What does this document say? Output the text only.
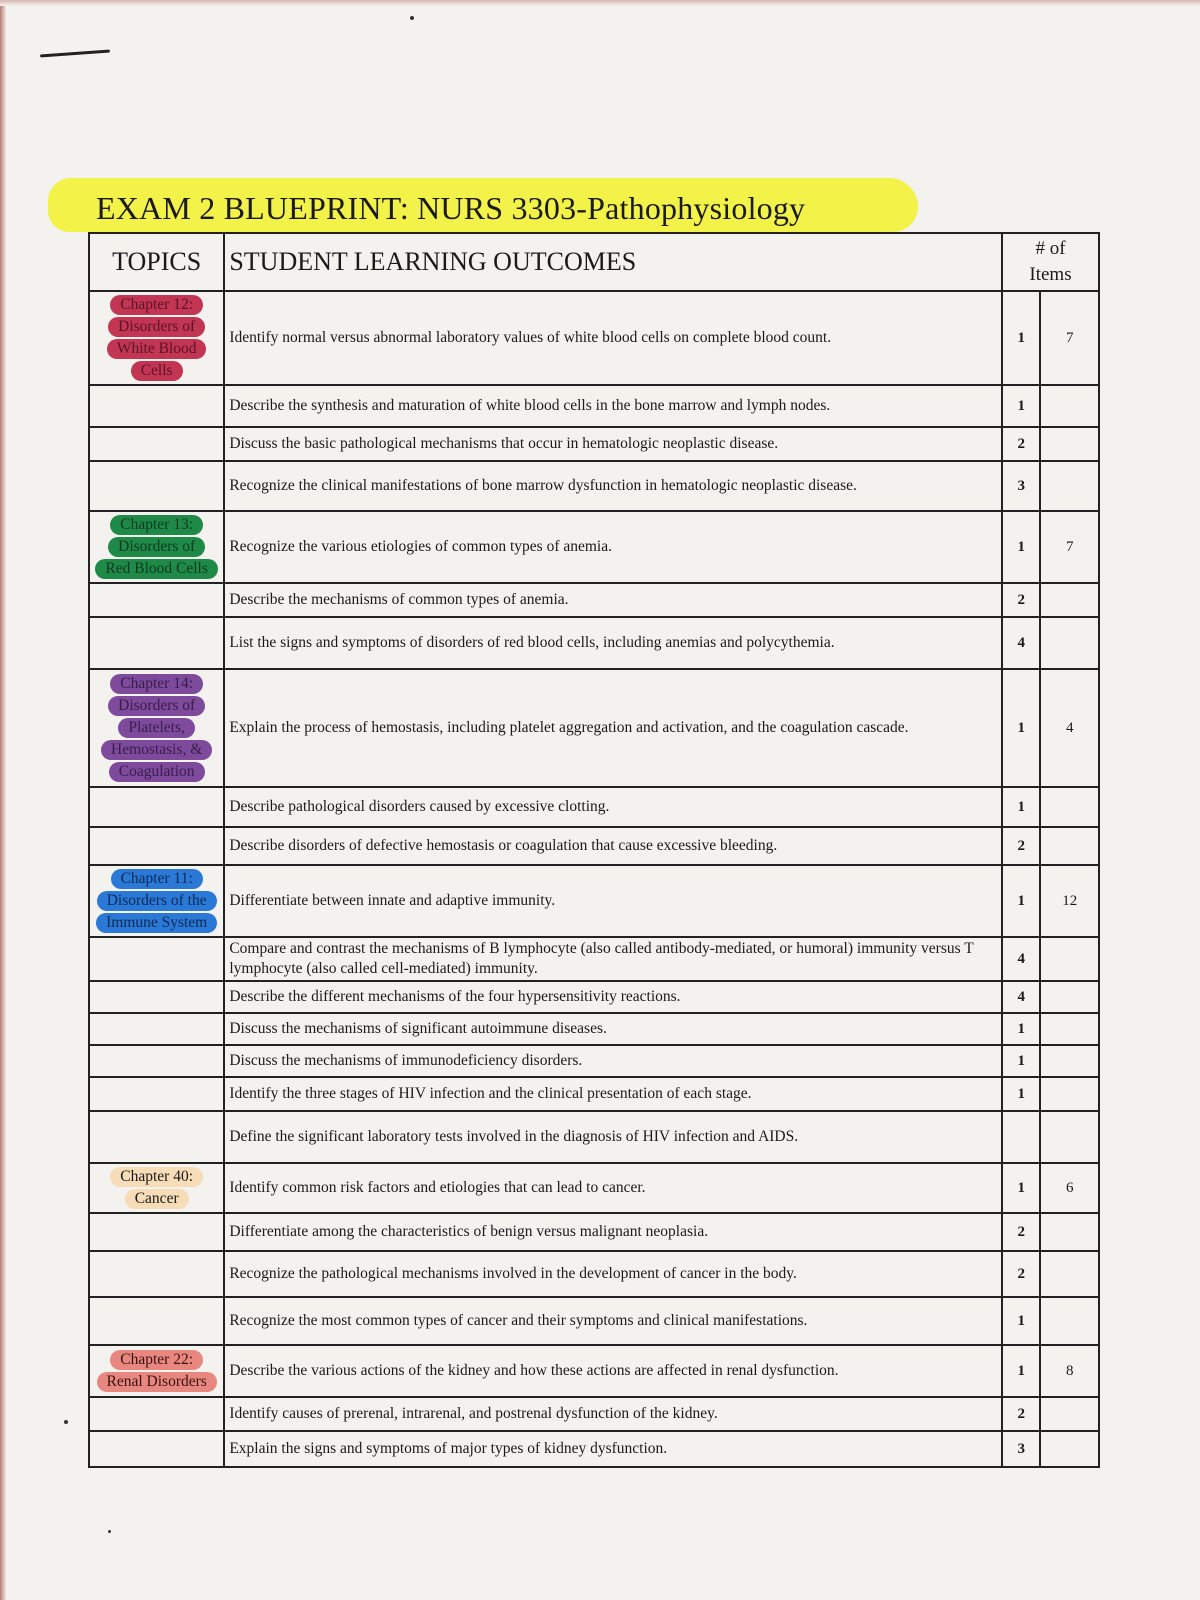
EXAM 2 BLUEPRINT: NURS 3303-Pathophysiology
TOPICS	STUDENT LEARNING OUTCOMES	# of
Items	

Chapter 12:
Disorders of
White Blood
Cells	Identify normal versus abnormal laboratory values of white blood cells on complete blood count.	1	7
	Describe the synthesis and maturation of white blood cells in the bone marrow and lymph nodes.	1	
	Discuss the basic pathological mechanisms that occur in hematologic neoplastic disease.	2	
	Recognize the clinical manifestations of bone marrow dysfunction in hematologic neoplastic disease.	3	

Chapter 13:
Disorders of
Red Blood Cells	Recognize the various etiologies of common types of anemia.	1	7
	Describe the mechanisms of common types of anemia.	2	
	List the signs and symptoms of disorders of red blood cells, including anemias and polycythemia.	4	

Chapter 14:
Disorders of
Platelets,
Hemostasis, &
Coagulation	Explain the process of hemostasis, including platelet aggregation and activation, and the coagulation cascade.	1	4
	Describe pathological disorders caused by excessive clotting.	1	
	Describe disorders of defective hemostasis or coagulation that cause excessive bleeding.	2	

Chapter 11:
Disorders of the
Immune System	Differentiate between innate and adaptive immunity.	1	12
	Compare and contrast the mechanisms of B lymphocyte (also called antibody-mediated, or humoral) immunity versus T lymphocyte (also called cell-mediated) immunity.	4	
	Describe the different mechanisms of the four hypersensitivity reactions.	4	
	Discuss the mechanisms of significant autoimmune diseases.	1	
	Discuss the mechanisms of immunodeficiency disorders.	1	
	Identify the three stages of HIV infection and the clinical presentation of each stage.	1	
	Define the significant laboratory tests involved in the diagnosis of HIV infection and AIDS.		

Chapter 40:
Cancer	Identify common risk factors and etiologies that can lead to cancer.	1	6
	Differentiate among the characteristics of benign versus malignant neoplasia.	2	
	Recognize the pathological mechanisms involved in the development of cancer in the body.	2	
	Recognize the most common types of cancer and their symptoms and clinical manifestations.	1	

Chapter 22:
Renal Disorders	Describe the various actions of the kidney and how these actions are affected in renal dysfunction.	1	8
	Identify causes of prerenal, intrarenal, and postrenal dysfunction of the kidney.	2	
	Explain the signs and symptoms of major types of kidney dysfunction.	3	
